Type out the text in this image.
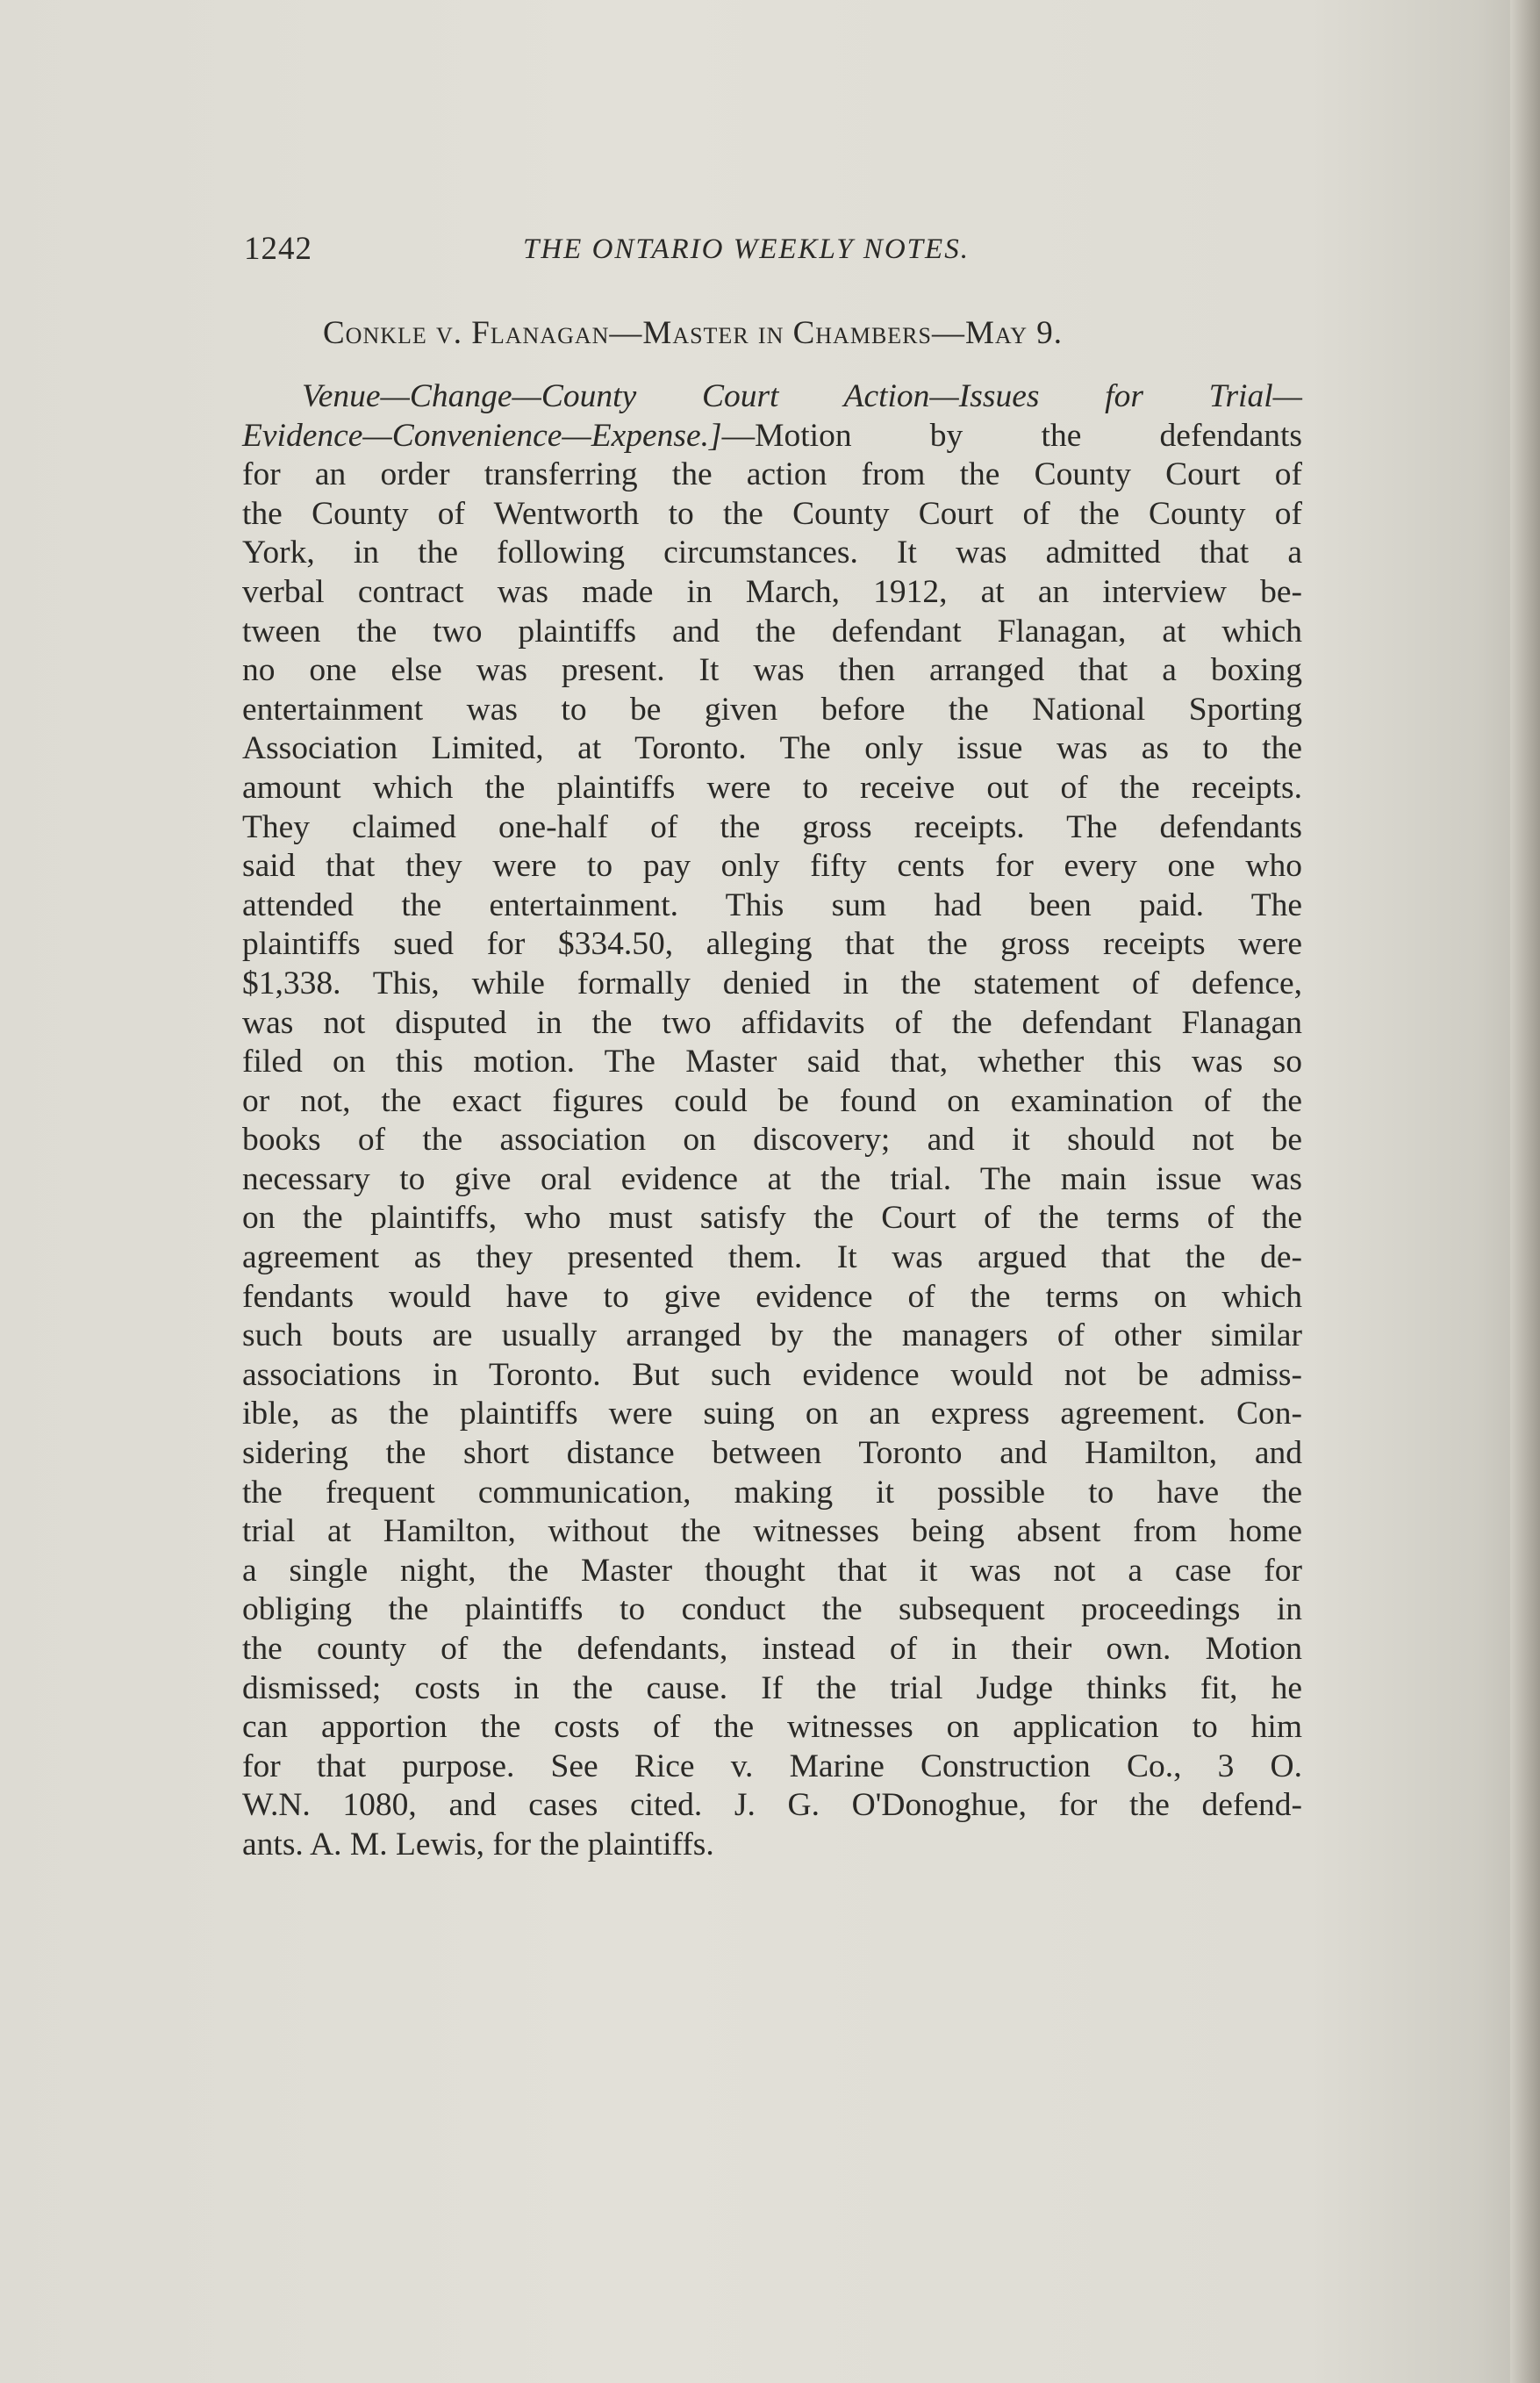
1242	THE ONTARIO WEEKLY NOTES.
Conkle v. Flanagan—Master in Chambers—May 9.
Venue—Change—County Court Action—Issues for Trial—
Evidence—Convenience—Expense.]—Motion by the defendants
for an order transferring the action from the County Court of
the County of Wentworth to the County Court of the County of
York, in the following circumstances. It was admitted that a
verbal contract was made in March, 1912, at an interview be-
tween the two plaintiffs and the defendant Flanagan, at which
no one else was present. It was then arranged that a boxing
entertainment was to be given before the National Sporting
Association Limited, at Toronto. The only issue was as to the
amount which the plaintiffs were to receive out of the receipts.
They claimed one-half of the gross receipts. The defendants
said that they were to pay only fifty cents for every one who
attended the entertainment. This sum had been paid. The
plaintiffs sued for $334.50, alleging that the gross receipts were
$1,338. This, while formally denied in the statement of defence,
was not disputed in the two affidavits of the defendant Flanagan
filed on this motion. The Master said that, whether this was so
or not, the exact figures could be found on examination of the
books of the association on discovery; and it should not be
necessary to give oral evidence at the trial. The main issue was
on the plaintiffs, who must satisfy the Court of the terms of the
agreement as they presented them. It was argued that the de-
fendants would have to give evidence of the terms on which
such bouts are usually arranged by the managers of other similar
associations in Toronto. But such evidence would not be admiss-
ible, as the plaintiffs were suing on an express agreement. Con-
sidering the short distance between Toronto and Hamilton, and
the frequent communication, making it possible to have the
trial at Hamilton, without the witnesses being absent from home
a single night, the Master thought that it was not a case for
obliging the plaintiffs to conduct the subsequent proceedings in
the county of the defendants, instead of in their own. Motion
dismissed; costs in the cause. If the trial Judge thinks fit, he
can apportion the costs of the witnesses on application to him
for that purpose. See Rice v. Marine Construction Co., 3 O.
W.N. 1080, and cases cited. J. G. O'Donoghue, for the defend-
ants. A. M. Lewis, for the plaintiffs.
